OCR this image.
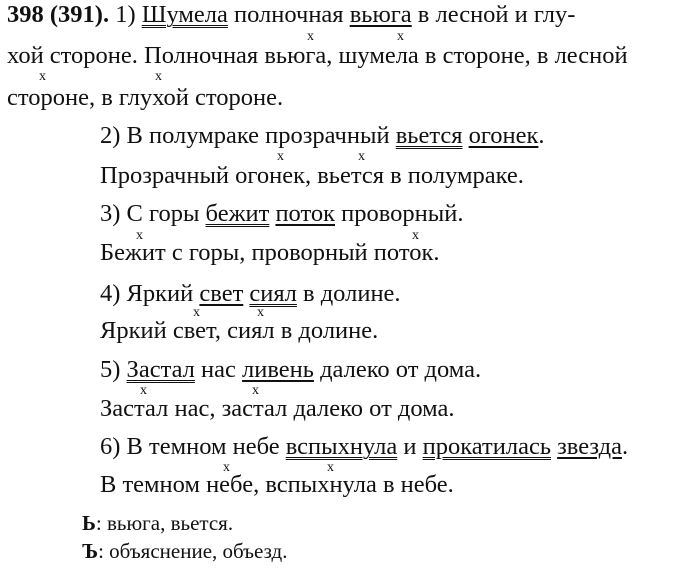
398 (391). 1) Шумела полночная вьюга в лесной и глу-
x	x
хой стороне. Полночная вьюга, шумела в стороне, в лесной
x	x
стороне, в глухой стороне.
2) В полумраке прозрачный вьется огонек.
x	x
Прозрачный огонек, вьется в полумраке.
3) С горы бежит поток проворный.
x	x
Бежит с горы, проворный поток.
4) Яркий свет сиял в долине.
x	x
Яркий свет, сиял в долине.
5) Застал нас ливень далеко от дома.
x	x
Застал нас, застал далеко от дома.
6) В темном небе вспыхнула и прокатилась звезда.
x	x
В темном небе, вспыхнула в небе.
Ь: вьюга, вьется.
Ъ: объяснение, объезд.
